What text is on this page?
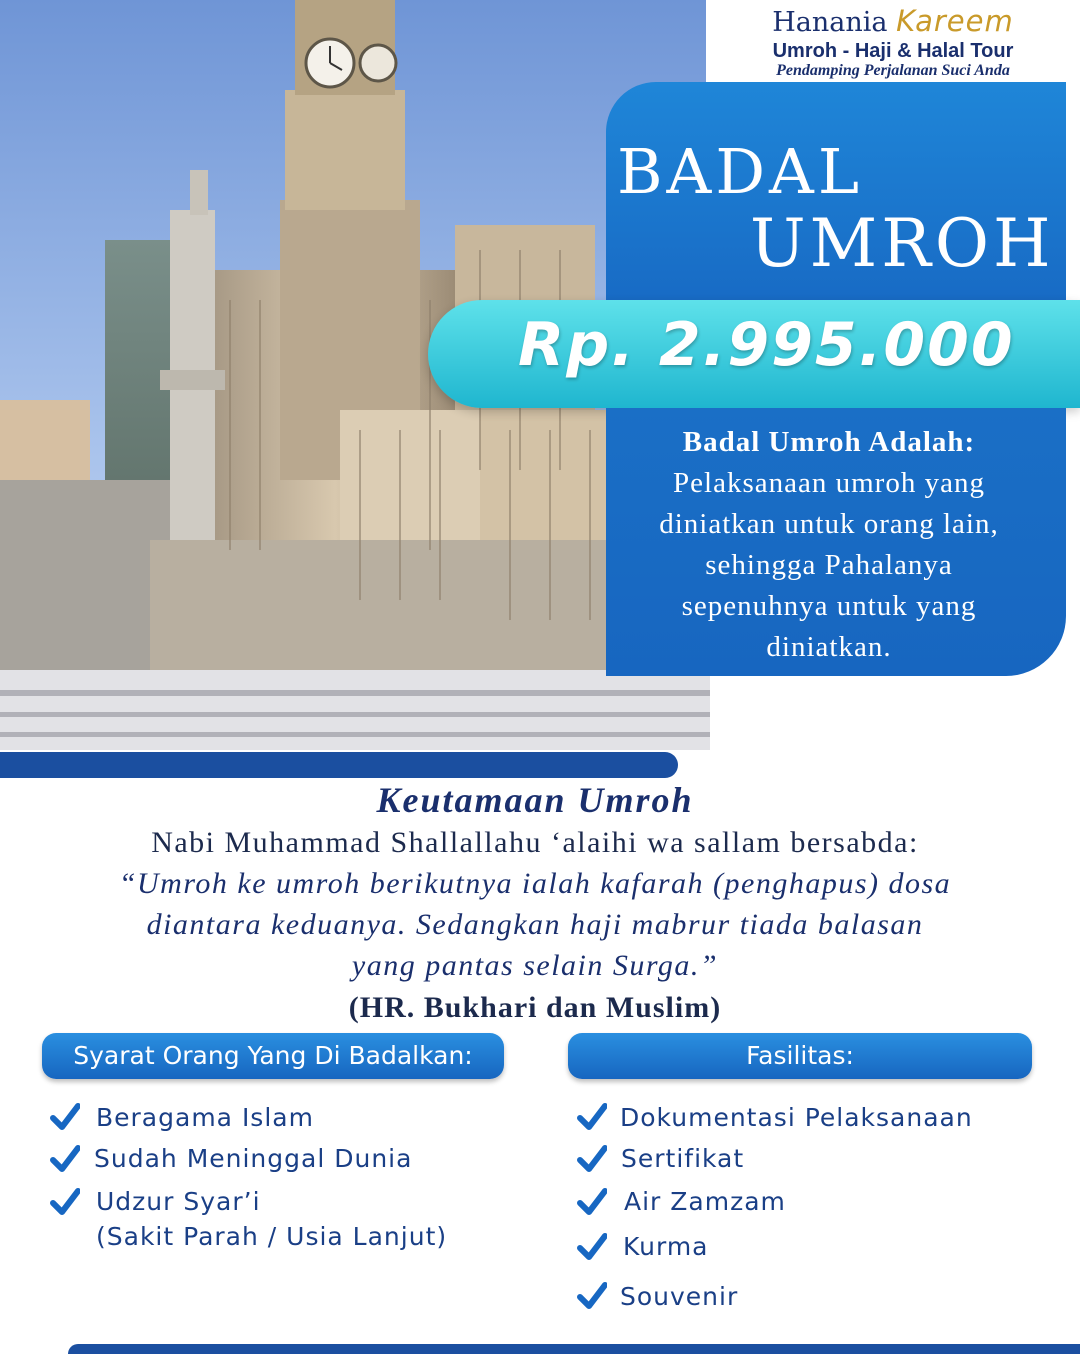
Hanania Kareem
Umroh - Haji & Halal Tour
Pendamping Perjalanan Suci Anda
BADAL
UMROH
Rp. 2.995.000
Badal Umroh Adalah:
Pelaksanaan umroh yang
diniatkan untuk orang lain,
sehingga Pahalanya
sepenuhnya untuk yang
diniatkan.
Keutamaan Umroh
Nabi Muhammad Shallallahu ‘alaihi wa sallam bersabda:
“Umroh ke umroh berikutnya ialah kafarah (penghapus) dosa
diantara keduanya. Sedangkan haji mabrur tiada balasan
yang pantas selain Surga.”
(HR. Bukhari dan Muslim)
Syarat Orang Yang Di Badalkan:	Fasilitas:
Beragama Islam
Sudah Meninggal Dunia
Udzur Syar’i
(Sakit Parah / Usia Lanjut)
Dokumentasi Pelaksanaan
Sertifikat
Air Zamzam
Kurma
Souvenir
